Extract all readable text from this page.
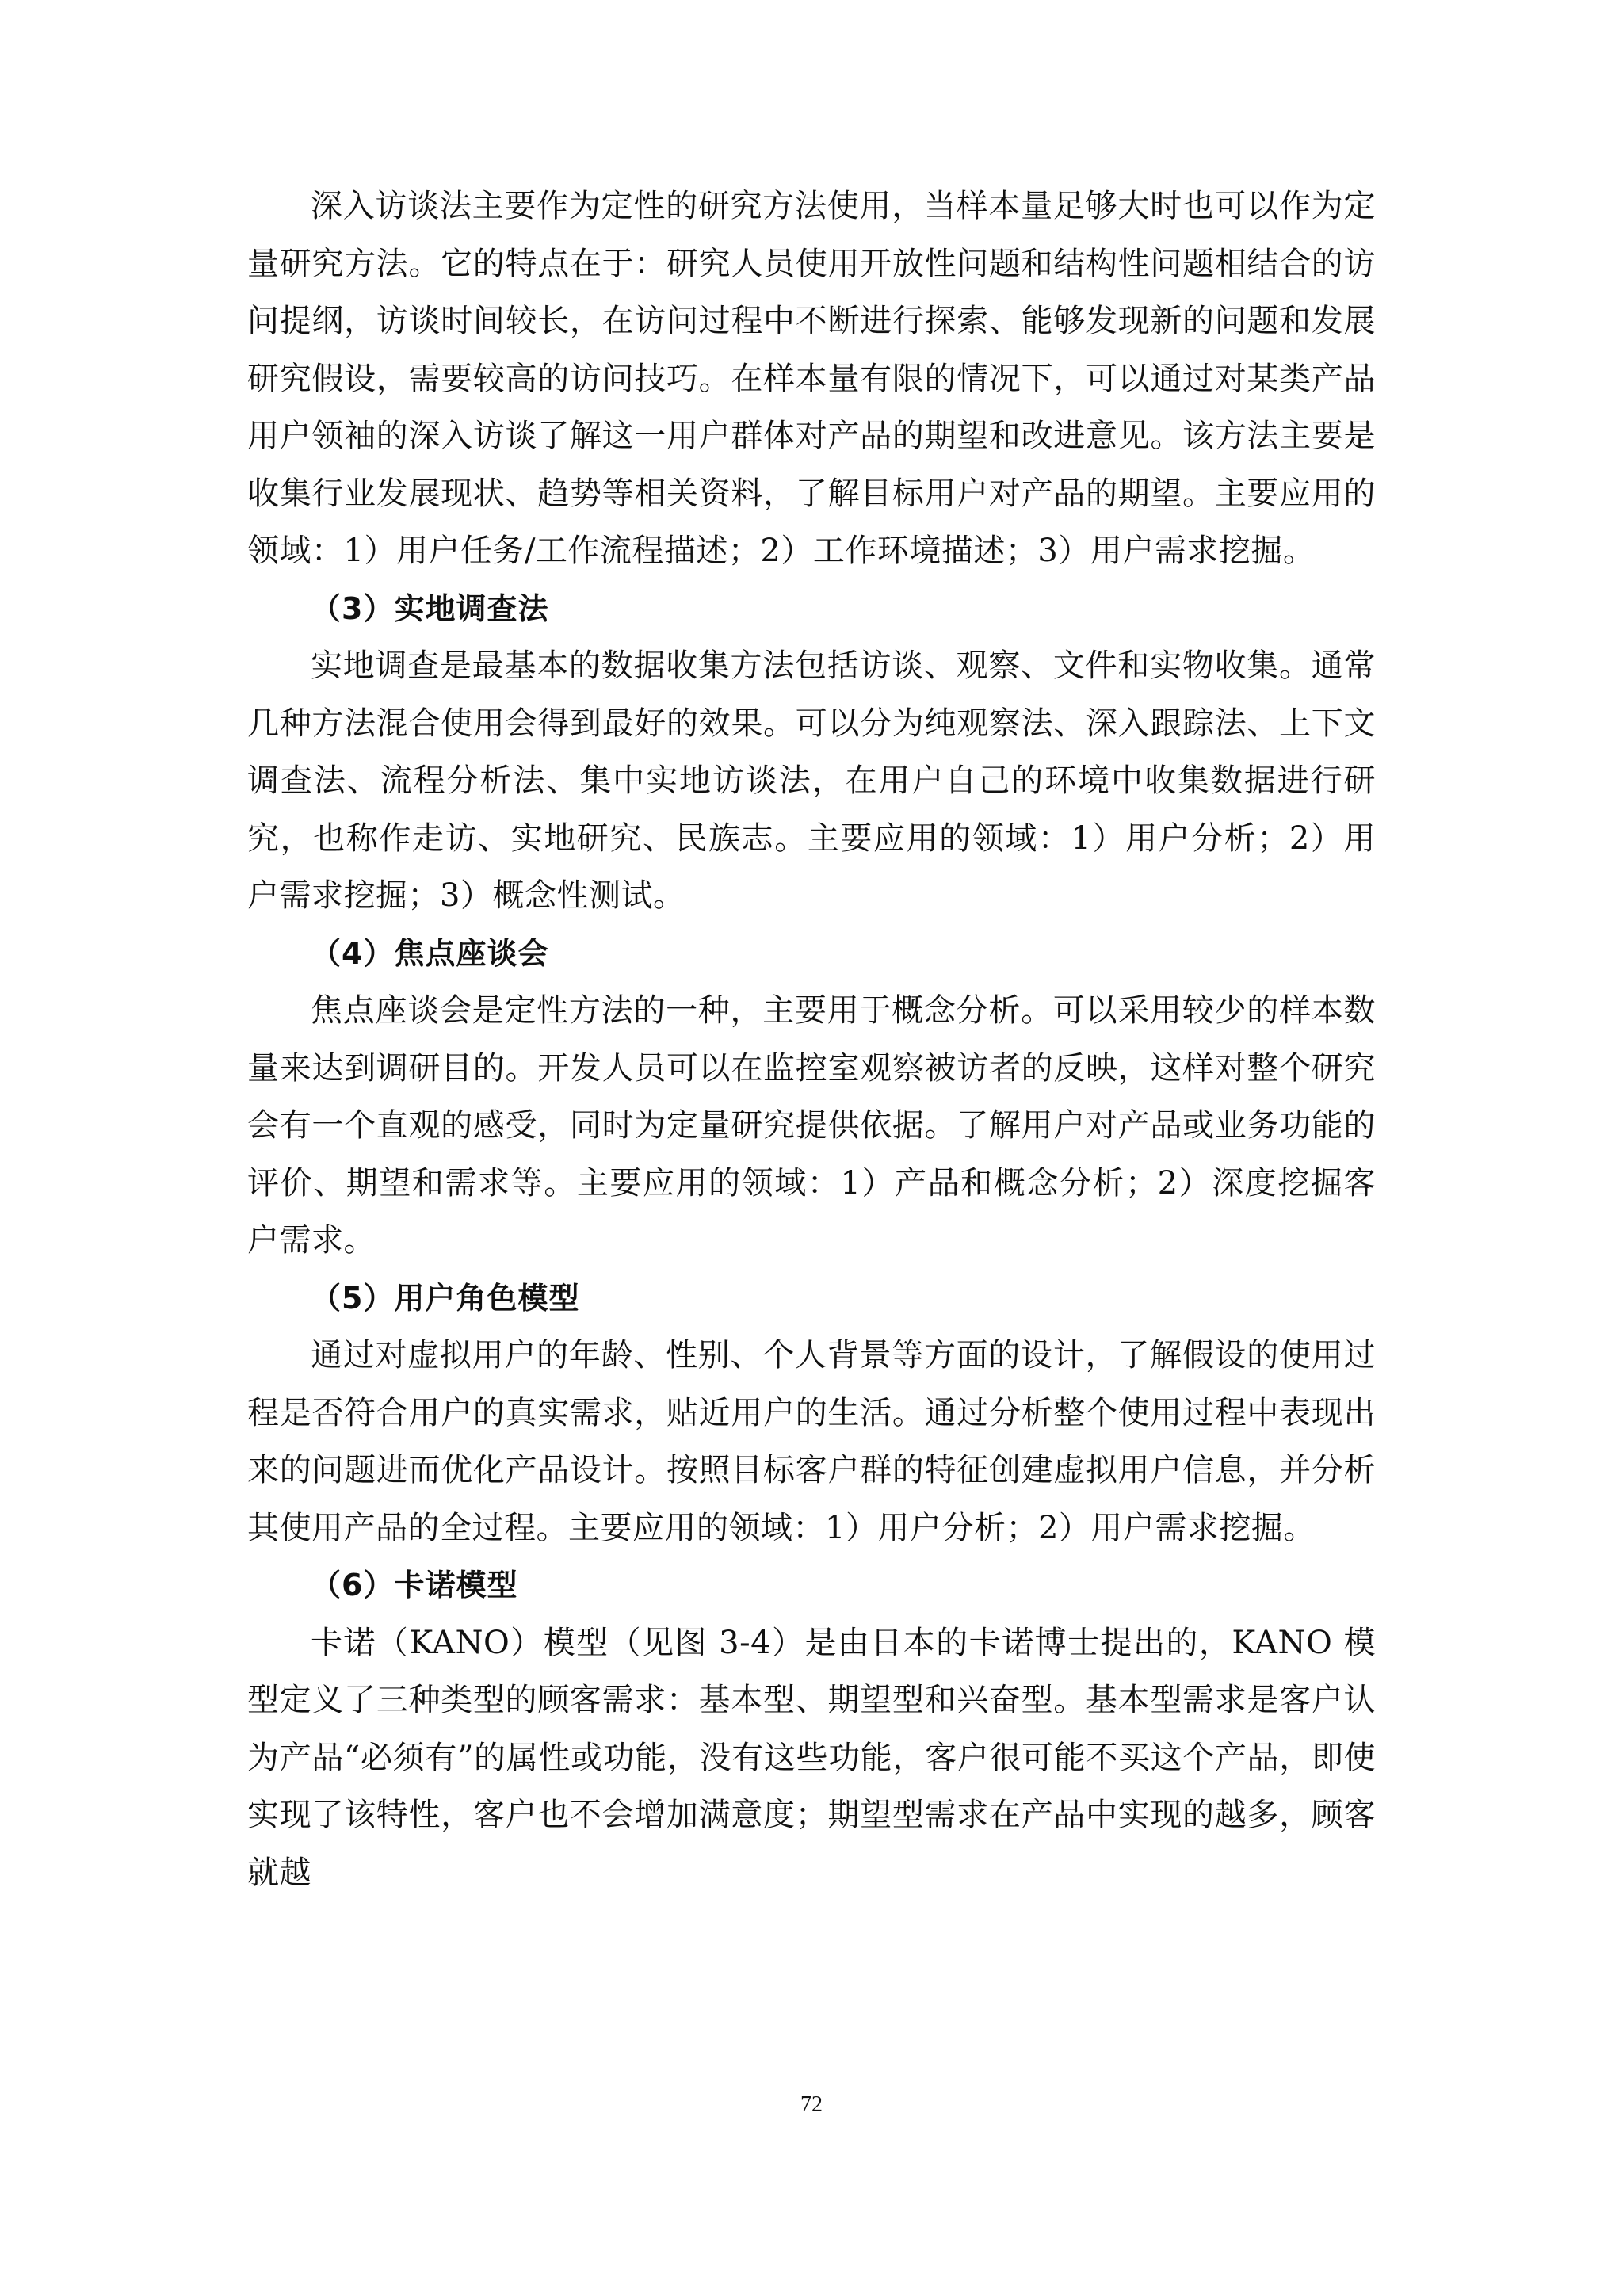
深入访谈法主要作为定性的研究方法使用，当样本量足够大时也可以作为定量研究方法。它的特点在于：研究人员使用开放性问题和结构性问题相结合的访问提纲，访谈时间较长，在访问过程中不断进行探索、能够发现新的问题和发展研究假设，需要较高的访问技巧。在样本量有限的情况下，可以通过对某类产品用户领袖的深入访谈了解这一用户群体对产品的期望和改进意见。该方法主要是收集行业发展现状、趋势等相关资料，了解目标用户对产品的期望。主要应用的领域：1）用户任务/工作流程描述；2）工作环境描述；3）用户需求挖掘。

（3）实地调查法

实地调查是最基本的数据收集方法包括访谈、观察、文件和实物收集。通常几种方法混合使用会得到最好的效果。可以分为纯观察法、深入跟踪法、上下文调查法、流程分析法、集中实地访谈法，在用户自己的环境中收集数据进行研究，也称作走访、实地研究、民族志。主要应用的领域：1）用户分析；2）用户需求挖掘；3）概念性测试。

（4）焦点座谈会

焦点座谈会是定性方法的一种，主要用于概念分析。可以采用较少的样本数量来达到调研目的。开发人员可以在监控室观察被访者的反映，这样对整个研究会有一个直观的感受，同时为定量研究提供依据。了解用户对产品或业务功能的评价、期望和需求等。主要应用的领域：1）产品和概念分析；2）深度挖掘客户需求。

（5）用户角色模型

通过对虚拟用户的年龄、性别、个人背景等方面的设计，了解假设的使用过程是否符合用户的真实需求，贴近用户的生活。通过分析整个使用过程中表现出来的问题进而优化产品设计。按照目标客户群的特征创建虚拟用户信息，并分析其使用产品的全过程。主要应用的领域：1）用户分析；2）用户需求挖掘。

（6）卡诺模型

卡诺（KANO）模型（见图 3-4）是由日本的卡诺博士提出的，KANO 模型定义了三种类型的顾客需求：基本型、期望型和兴奋型。基本型需求是客户认为产品“必须有”的属性或功能，没有这些功能，客户很可能不买这个产品，即使实现了该特性，客户也不会增加满意度；期望型需求在产品中实现的越多，顾客就越

72
